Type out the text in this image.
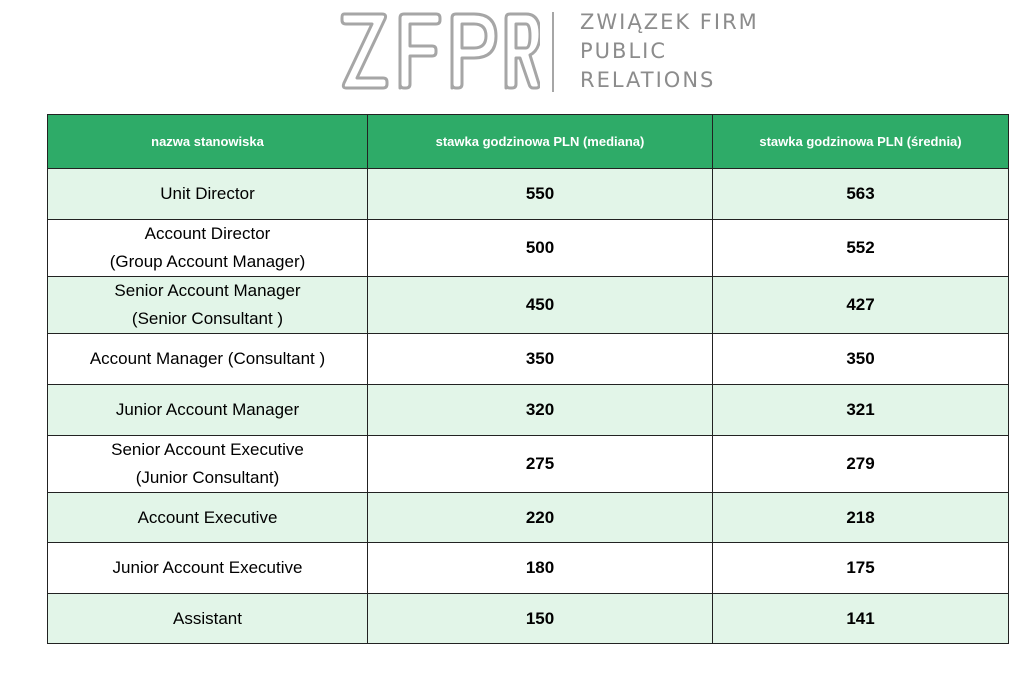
ZWIĄZEK FIRM
PUBLIC
RELATIONS
nazwa stanowiska	stawka godzinowa PLN (mediana)	stawka godzinowa PLN (średnia)

Unit Director	550	563

Account Director
(Group Account Manager)	500	552

Senior Account Manager
(Senior Consultant )	450	427

Account Manager (Consultant )	350	350

Junior Account Manager	320	321

Senior Account Executive
(Junior Consultant)	275	279

Account Executive	220	218

Junior Account Executive	180	175

Assistant	150	141
